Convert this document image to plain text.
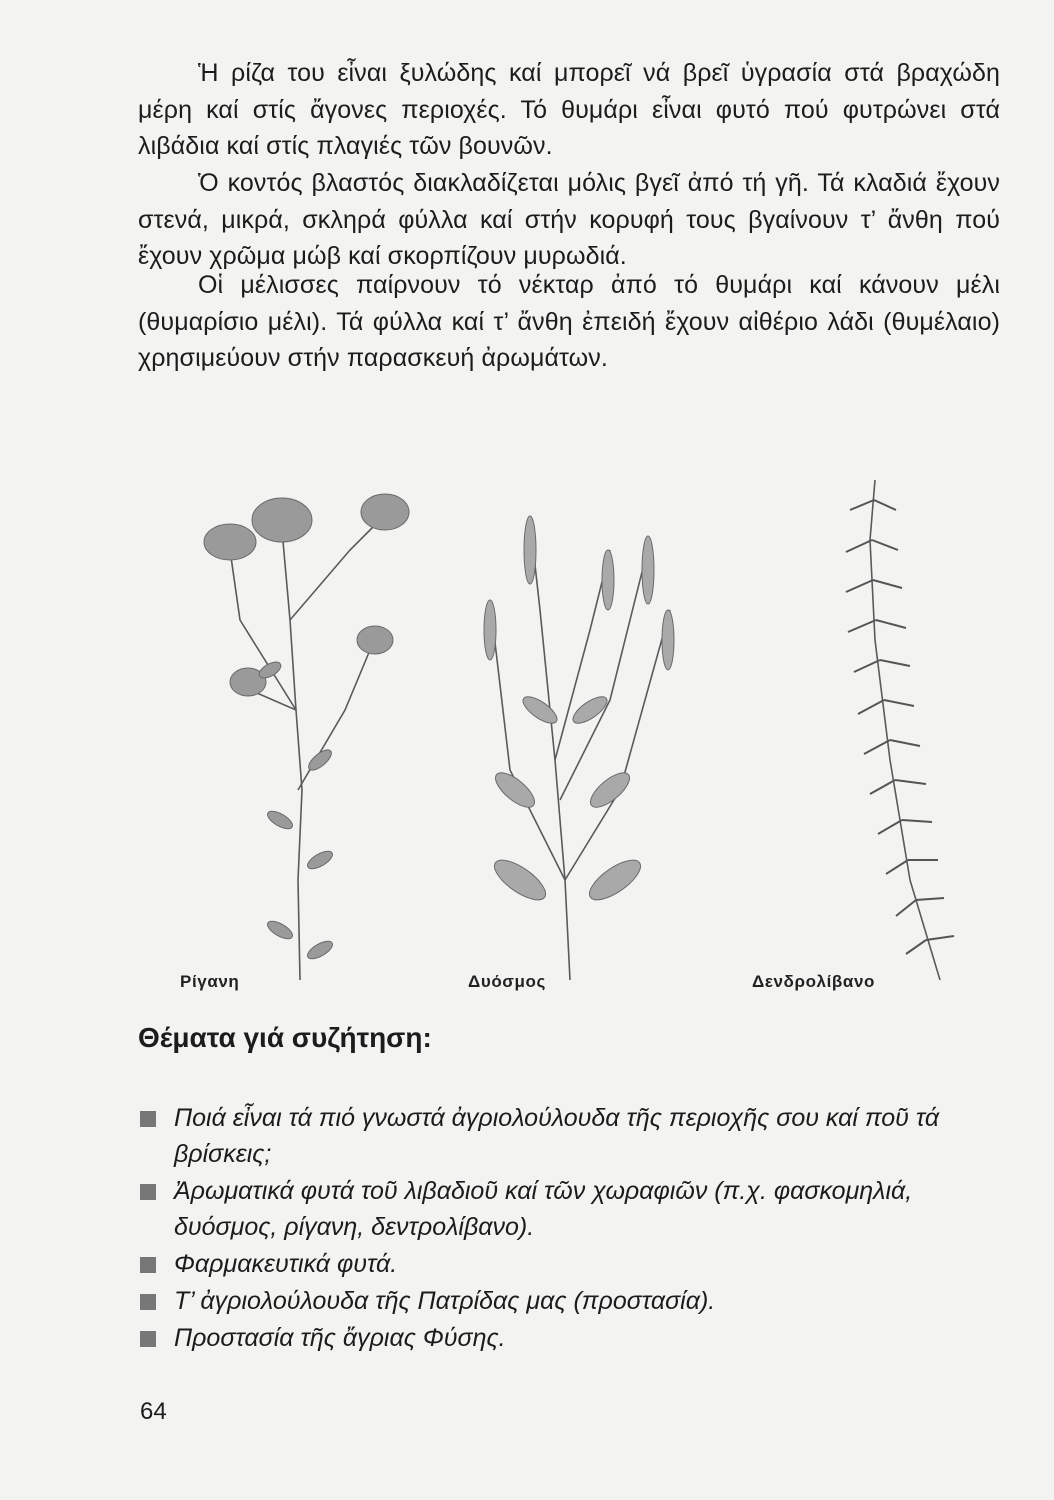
Ἡ ρίζα του εἶναι ξυλώδης καί μπορεῖ νά βρεῖ ὑγρασία στά βραχώδη μέρη καί στίς ἄγονες περιοχές. Τό θυμάρι εἶναι φυτό πού φυτρώνει στά λιβάδια καί στίς πλαγιές τῶν βουνῶν.

Ὁ κοντός βλαστός διακλαδίζεται μόλις βγεῖ ἀπό τή γῆ. Τά κλαδιά ἔχουν στενά, μικρά, σκληρά φύλλα καί στήν κορυφή τους βγαίνουν τ’ ἄνθη πού ἔχουν χρῶμα μώβ καί σκορπίζουν μυρωδιά.

Οἱ μέλισσες παίρνουν τό νέκταρ ἀπό τό θυμάρι καί κάνουν μέλι (θυμαρίσιο μέλι). Τά φύλλα καί τ’ ἄνθη ἐπειδή ἔχουν αἰθέριο λάδι (θυμέλαιο) χρησιμεύουν στήν παρασκευή ἀρωμάτων.

Ρίγανη	Δυόσμος	Δενδρολίβανο
Θέματα γιά συζήτηση:
Ποιά εἶναι τά πιό γνωστά ἀγριολούλουδα τῆς περιοχῆς σου καί ποῦ τά βρίσκεις;
Ἀρωματικά φυτά τοῦ λιβαδιοῦ καί τῶν χωραφιῶν (π.χ. φασκομηλιά, δυόσμος, ρίγανη, δεντρολίβανο).
Φαρμακευτικά φυτά.
Τ’ ἀγριολούλουδα τῆς Πατρίδας μας (προστασία).
Προστασία τῆς ἄγριας Φύσης.

64
